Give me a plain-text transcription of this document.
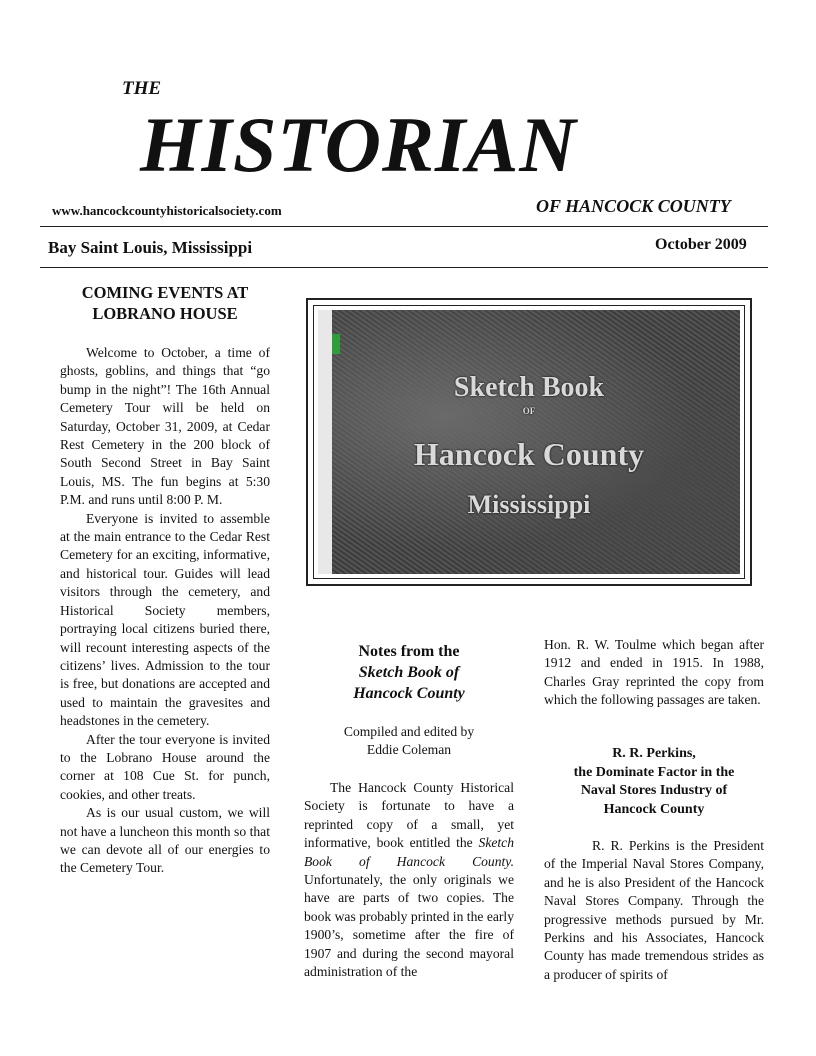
THE
HISTORIAN
www.hancockcountyhistoricalsociety.com	OF HANCOCK COUNTY
Bay Saint Louis, Mississippi	October 2009
COMING EVENTS AT
LOBRANO HOUSE

Welcome to October, a time of ghosts, goblins, and things that “go bump in the night”! The 16th Annual Cemetery Tour will be held on Saturday, October 31, 2009, at Cedar Rest Cemetery in the 200 block of South Second Street in Bay Saint Louis, MS. The fun begins at 5:30 P.M. and runs until 8:00 P. M.

Everyone is invited to assemble at the main entrance to the Cedar Rest Cemetery for an exciting, informative, and historical tour. Guides will lead visitors through the cemetery, and Historical Society members, portraying local citizens buried there, will recount interesting aspects of the citizens’ lives. Admission to the tour is free, but donations are accepted and used to maintain the gravesites and headstones in the cemetery.

After the tour everyone is invited to the Lobrano House around the corner at 108 Cue St. for punch, cookies, and other treats.

As is our usual custom, we will not have a luncheon this month so that we can devote all of our energies to the Cemetery Tour.

Sketch Book
OF
Hancock County
Mississippi
Notes from the
Sketch Book of
Hancock County
Compiled and edited by
Eddie Coleman

The Hancock County Historical Society is fortunate to have a reprinted copy of a small, yet informative, book entitled the Sketch Book of Hancock County. Unfortunately, the only originals we have are parts of two copies. The book was probably printed in the early 1900’s, sometime after the fire of 1907 and during the second mayoral administration of the

Hon. R. W. Toulme which began after 1912 and ended in 1915. In 1988, Charles Gray reprinted the copy from which the following passages are taken.

R. R. Perkins,
the Dominate Factor in the
Naval Stores Industry of
Hancock County

R. R. Perkins is the President of the Imperial Naval Stores Company, and he is also President of the Hancock Naval Stores Company. Through the progressive methods pursued by Mr. Perkins and his Associates, Hancock County has made tremendous strides as a producer of spirits of
